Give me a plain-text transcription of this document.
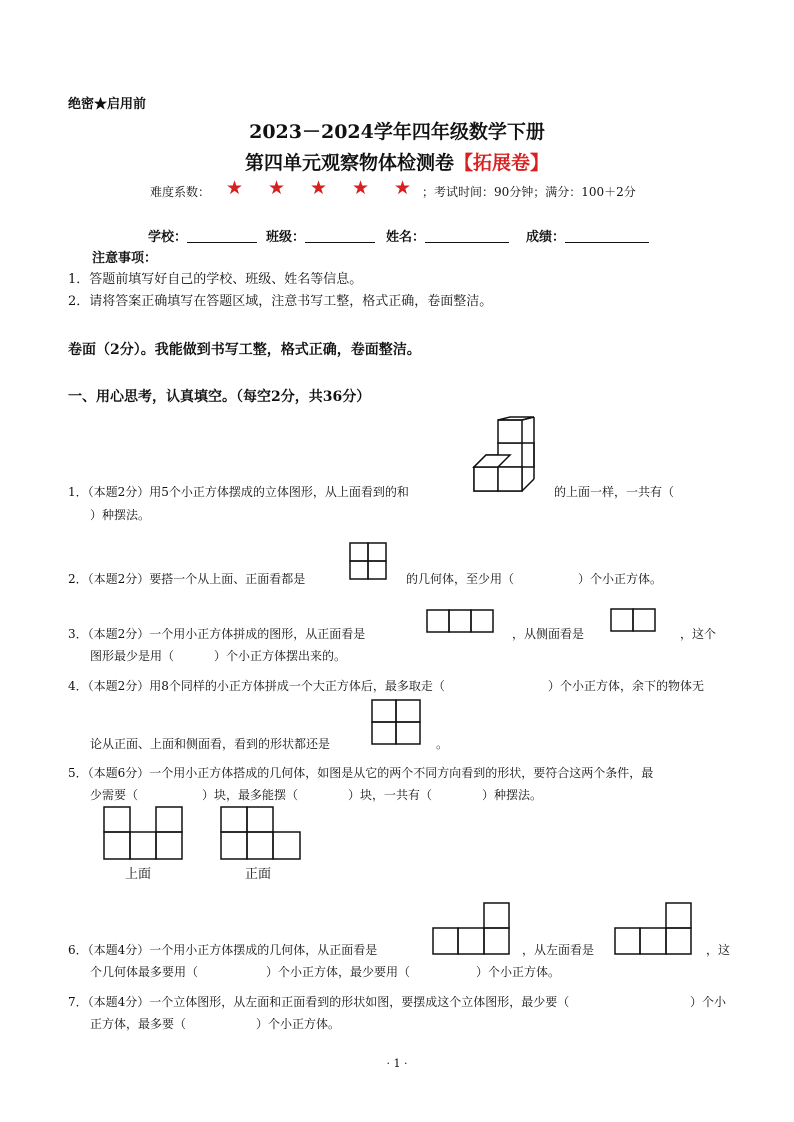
绝密★启用前
2023－2024学年四年级数学下册
第四单元观察物体检测卷【拓展卷】
难度系数： ★ ★ ★ ★ ★ ；考试时间：90分钟；满分：100＋2分
学校：	班级：	姓名：	成绩：
注意事项：
1．答题前填写好自己的学校、班级、姓名等信息。
2．请将答案正确填写在答题区域，注意书写工整，格式正确，卷面整洁。
卷面（2分）。我能做到书写工整，格式正确，卷面整洁。
一、用心思考，认真填空。（每空2分，共36分）
1．（本题2分）用5个小正方体摆成的立体图形，从上面看到的和	的上面一样，一共有（
）种摆法。
2．（本题2分）要搭一个从上面、正面看都是	的几何体，至少用（	）个小正方体。
3．（本题2分）一个用小正方体拼成的图形，从正面看是	，从侧面看是	，这个
图形最少是用（	）个小正方体摆出来的。
4．（本题2分）用8个同样的小正方体拼成一个大正方体后，最多取走（	）个小正方体，余下的物体无
论从正面、上面和侧面看，看到的形状都还是	。
5．（本题6分）一个用小正方体搭成的几何体，如图是从它的两个不同方向看到的形状，要符合这两个条件，最
少需要（	）块，最多能摆（	）块，一共有（	）种摆法。
上面	正面
6．（本题4分）一个用小正方体摆成的几何体，从正面看是	，从左面看是	，这
个几何体最多要用（	）个小正方体，最少要用（	）个小正方体。
7．（本题4分）一个立体图形，从左面和正面看到的形状如图，要摆成这个立体图形，最少要（	）个小
正方体，最多要（	）个小正方体。
· 1 ·
